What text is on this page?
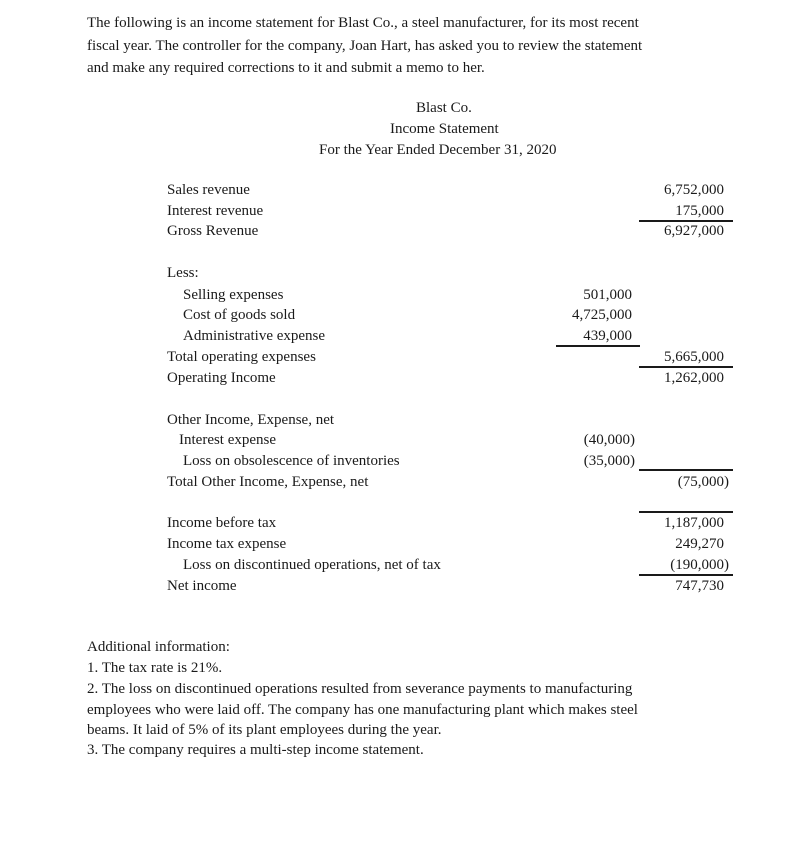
The following is an income statement for Blast Co., a steel manufacturer, for its most recent
fiscal year. The controller for the company, Joan Hart, has asked you to review the statement
and make any required corrections to it and submit a memo to her.
Blast Co.
Income Statement
For the Year Ended December 31, 2020
Sales revenue	6,752,000
Interest revenue	175,000
Gross Revenue	6,927,000
Less:
Selling expenses	501,000
Cost of goods sold	4,725,000
Administrative expense	439,000
Total operating expenses	5,665,000
Operating Income	1,262,000
Other Income, Expense, net
Interest expense	(40,000)
Loss on obsolescence of inventories	(35,000)
Total Other Income, Expense, net	(75,000)
Income before tax	1,187,000
Income tax expense	249,270
Loss on discontinued operations, net of tax	(190,000)
Net income	747,730
Additional information:
1. The tax rate is 21%.
2. The loss on discontinued operations resulted from severance payments to manufacturing
employees who were laid off. The company has one manufacturing plant which makes steel
beams. It laid of 5% of its plant employees during the year.
3. The company requires a multi-step income statement.
